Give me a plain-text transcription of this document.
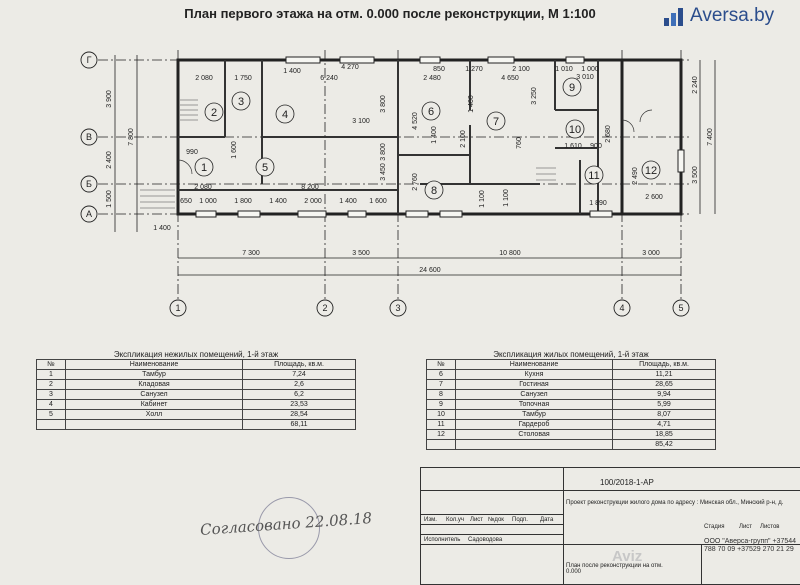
План первого этажа на отм. 0.000 после реконструкции, М 1:100	Aversa.by
Г
В
Б
А
1	2	3	4	5
2
3
4
1	5
6
7
8
9
10
11	12
3 900
2 400
1 500
7 800
7 300	3 500	10 800	3 000
24 600
2 240
3 500
7 400
2 080	1 750
1 400
4 270
6 240	2 480
850	1 270
4 650
2 100	1 010 1 000
3 010
1 400
3 800
4 520
3 250
2 680
3 100
1 610 900
2 100
1 400	760
2 760
2 080	8 200
3 450
1 100	1 890
1 100
2 490
2 600
650 1 000 1 800 1 400 2 000 1 400 1 600
1 400
990	3 800
1 600
Экспликация нежилых помещений, 1-й этаж		
№	Наименование	Площадь, кв.м.
1	Тамбур	7,24
2	Кладовая	2,6
3	Санузел	6,2
4	Кабинет	23,53
5	Холл	28,54
		68,11
Экспликация жилых помещений, 1-й этаж		
№	Наименование	Площадь, кв.м.
6	Кухня	11,21
7	Гостиная	28,65
8	Санузел	9,94
9	Топочная	5,99
10	Тамбур	8,07
11	Гардероб	4,71
12	Столовая	18,85
		85,42
Согласовано 22.08.18
100/2018-1-АР
Проект реконструкции жилого дома по адресу : Минская обл., Минский р-н, д.
Изм. Кол.уч Лист №док Подп. Дата
Исполнитель Садоводова
План после реконструкции на отм. 0.000
Стадия Лист Листов
ООО "Аверса-групп" +37544 788 70 09 +37529 270 21 29
Aviz
